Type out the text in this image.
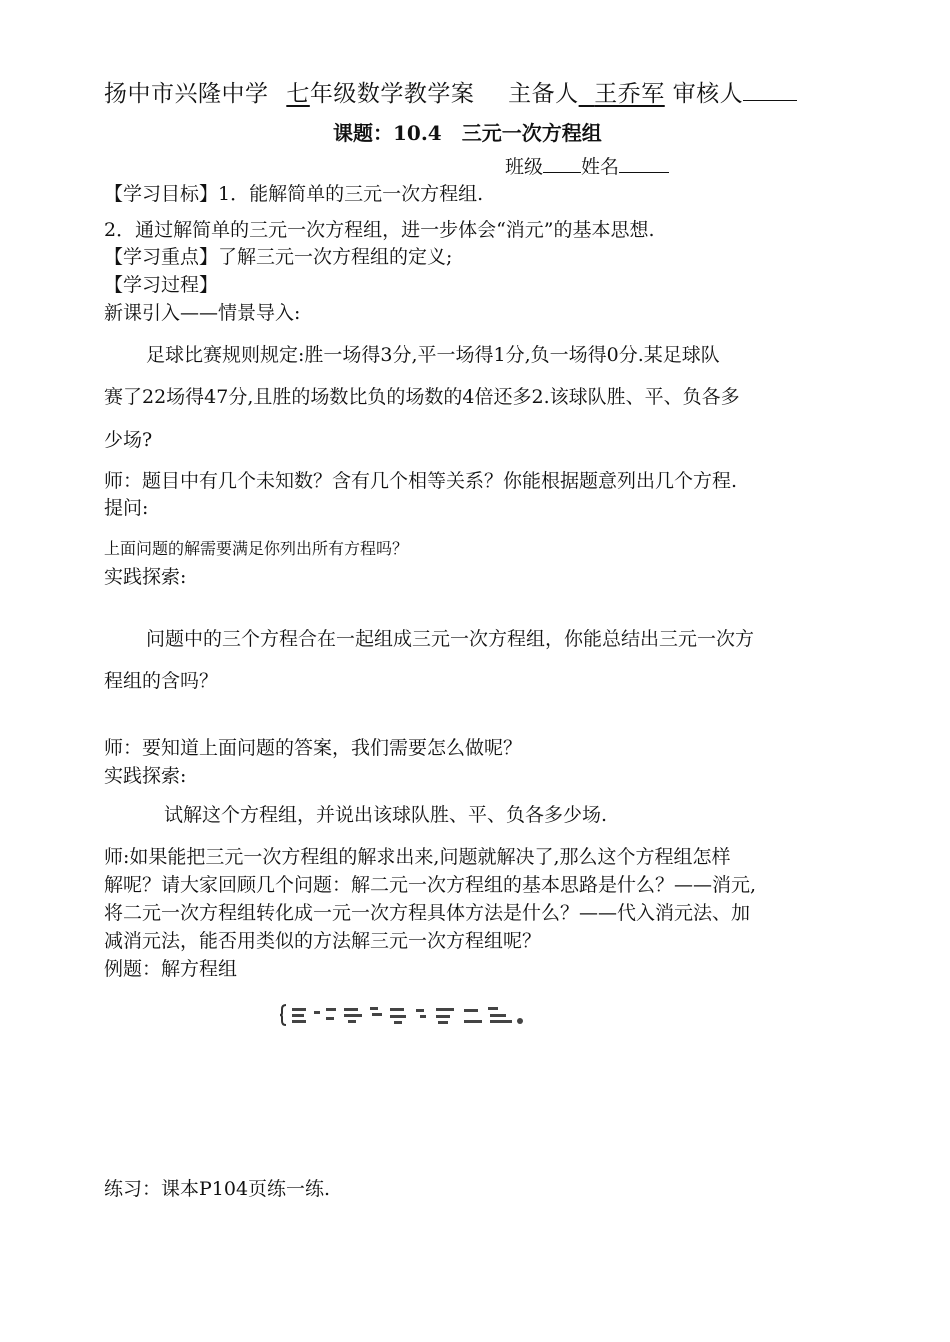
扬中市兴隆中学 七年级数学教学案 主备人 王乔军 审核人
课题：10.4　三元一次方程组
班级 姓名
【学习目标】1．能解简单的三元一次方程组.
2．通过解简单的三元一次方程组，进一步体会“消元”的基本思想.
【学习重点】了解三元一次方程组的定义;
【学习过程】
新课引入——情景导入:
足球比赛规则规定:胜一场得3分,平一场得1分,负一场得0分.某足球队
赛了22场得47分,且胜的场数比负的场数的4倍还多2.该球队胜、平、负各多
少场?
师：题目中有几个未知数？含有几个相等关系？你能根据题意列出几个方程.
提问:
上面问题的解需要满足你列出所有方程吗？
实践探索:
问题中的三个方程合在一起组成三元一次方程组，你能总结出三元一次方
程组的含吗？
师：要知道上面问题的答案，我们需要怎么做呢？
实践探索:
试解这个方程组，并说出该球队胜、平、负各多少场.
师:如果能把三元一次方程组的解求出来,问题就解决了,那么这个方程组怎样
解呢？请大家回顾几个问题：解二元一次方程组的基本思路是什么？——消元,
将二元一次方程组转化成一元一次方程具体方法是什么？——代入消元法、加
减消元法，能否用类似的方法解三元一次方程组呢？
例题：解方程组
练习：课本P104页练一练.
